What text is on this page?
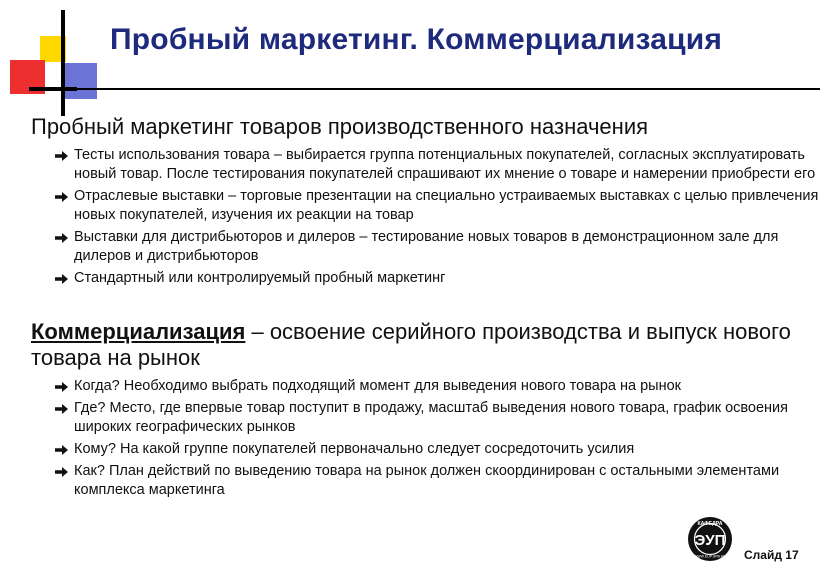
Пробный маркетинг. Коммерциализация
Пробный маркетинг товаров производственного назначения
Тесты использования товара – выбирается группа потенциальных покупателей, согласных эксплуатировать новый товар. После тестирования покупателей спрашивают их мнение о товаре и намерении приобрести его
Отраслевые выставки – торговые презентации на специально устраиваемых выставках с целью привлечения новых покупателей, изучения их реакции на товар
Выставки для дистрибьюторов и дилеров – тестирование новых товаров в демонстрационном зале для дилеров и дистрибьюторов
Стандартный или контролируемый пробный маркетинг
Коммерциализация – освоение серийного производства и выпуск нового товара на рынок
Когда? Необходимо выбрать подходящий момент для выведения нового товара на рынок
Где? Место, где впервые товар поступит в продажу, масштаб выведения нового товара, график освоения широких географических рынков
Кому? На какой группе покупателей первоначально следует сосредоточить усилия
Как? План действий по выведению товара на рынок должен скоординирован с остальными элементами комплекса маркетинга
КАФЕДРА
ЭУП
WWW.EUP.SPB.RU Слайд 17
